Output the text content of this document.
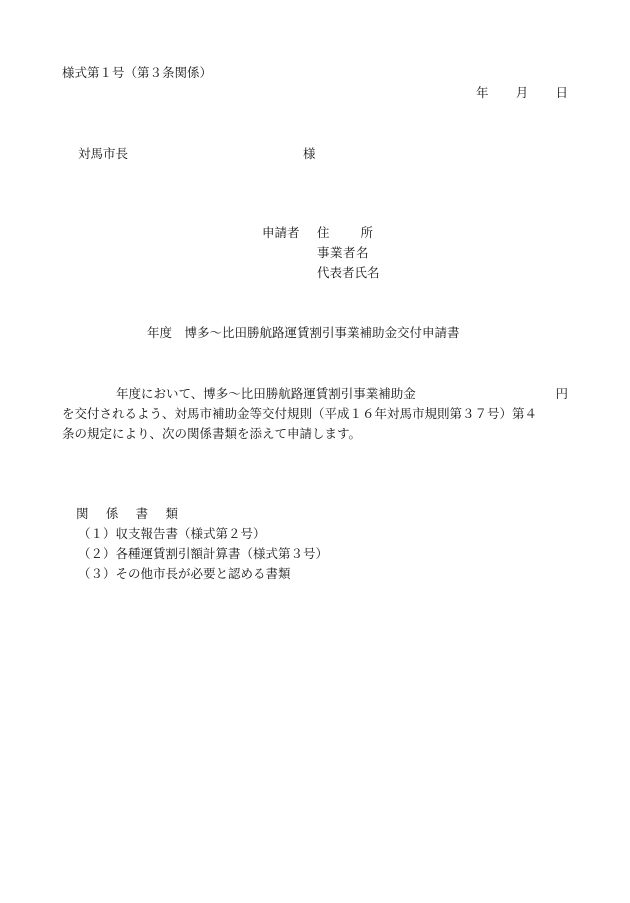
様式第１号（第３条関係）
年 月 日
対馬市長	様
申請者 住 所
事業者名
代表者氏名
年度　博多～比田勝航路運賃割引事業補助金交付申請書
年度において、博多～比田勝航路運賃割引事業補助金	円
を交付されるよう、対馬市補助金等交付規則（平成１６年対馬市規則第３７号）第４
条の規定により、次の関係書類を添えて申請します。
関 係 書 類
（１）収支報告書（様式第２号）
（２）各種運賃割引額計算書（様式第３号）
（３）その他市長が必要と認める書類
